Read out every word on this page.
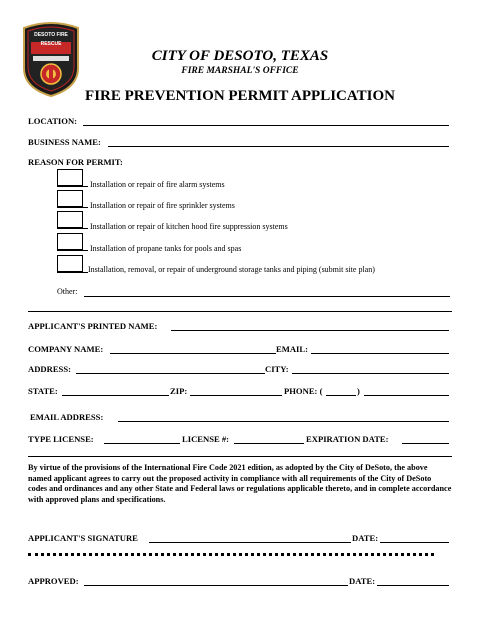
DESOTO FIRE RESCUE
CITY OF DESOTO, TEXAS
FIRE MARSHAL'S OFFICE
FIRE PREVENTION PERMIT APPLICATION
LOCATION:
BUSINESS NAME:
REASON FOR PERMIT:
Installation or repair of fire alarm systems
Installation or repair of fire sprinkler systems
Installation or repair of kitchen hood fire suppression systems
Installation of propane tanks for pools and spas
Installation, removal, or repair of underground storage tanks and piping (submit site plan)
Other:
APPLICANT'S PRINTED NAME:
COMPANY NAME:	EMAIL:
ADDRESS:	CITY:
STATE:	ZIP:	PHONE: (	)
EMAIL ADDRESS:
TYPE LICENSE:	LICENSE #:	EXPIRATION DATE:
By virtue of the provisions of the International Fire Code 2021 edition, as adopted by the City of DeSoto, the above named applicant agrees to carry out the proposed activity in compliance with all requirements of the City of DeSoto codes and ordinances and any other State and Federal laws or regulations applicable thereto, and in complete accordance with approved plans and specifications.
APPLICANT'S SIGNATURE	DATE:
APPROVED:	DATE:
